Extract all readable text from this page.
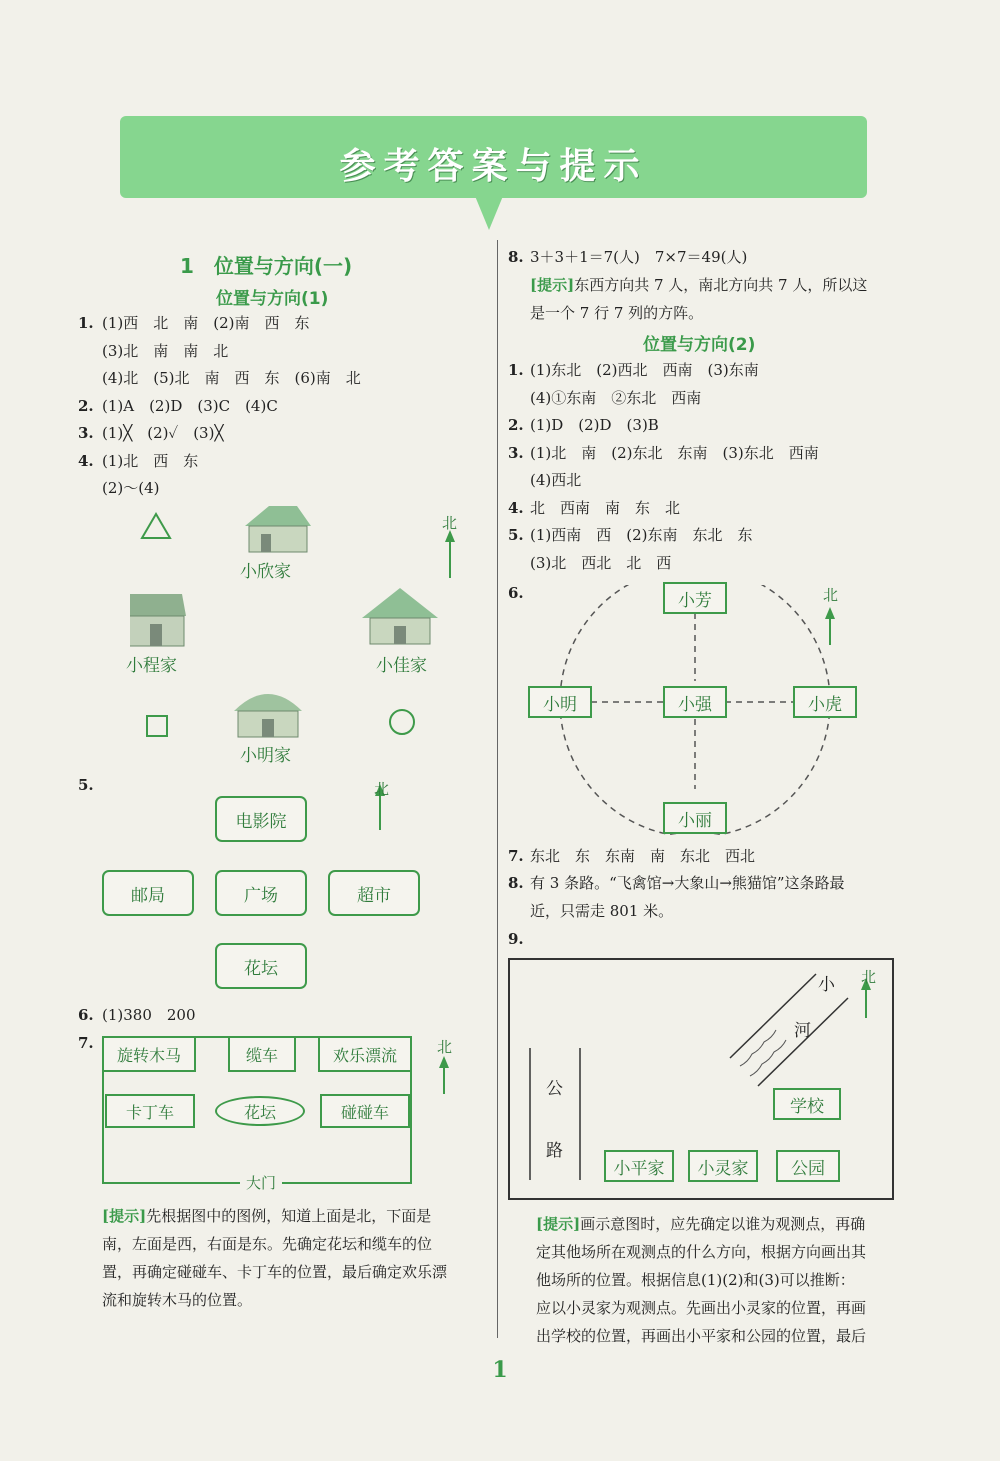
参考答案与提示
1　位置与方向(一)
位置与方向(1)
1. (1)西　北　南　(2)南　西　东
(3)北　南　南　北
(4)北　(5)北　南　西　东　(6)南　北
2. (1)A　(2)D　(3)C　(4)C
3. (1)╳　(2)✓　(3)╳
4. (1)北　西　东
(2)～(4)
北
小欣家
小程家	小佳家
小明家
5.	北
电影院
邮局	广场	超市
花坛
6. (1)380　200
7.
旋转木马	缆车	欢乐漂流
卡丁车	花坛	碰碰车
大门
北
[提示]先根据图中的图例，知道上面是北，下面是
南，左面是西，右面是东。先确定花坛和缆车的位
置，再确定碰碰车、卡丁车的位置，最后确定欢乐漂
流和旋转木马的位置。
8. 3＋3＋1＝7(人)　7×7＝49(人)
[提示]东西方向共 7 人，南北方向共 7 人，所以这
是一个 7 行 7 列的方阵。
位置与方向(2)
1. (1)东北　(2)西北　西南　(3)东南
(4)①东南　②东北　西南
2. (1)D　(2)D　(3)B
3. (1)北　南　(2)东北　东南　(3)东北　西南
(4)西北
4. 北　西南　南　东　北
5. (1)西南　西　(2)东南　东北　东
(3)北　西北　北　西
6.	北
小芳
小明	小强	小虎
小丽
7. 东北　东　东南　南　东北　西北
8. 有 3 条路。“飞禽馆→大象山→熊猫馆”这条路最
近，只需走 801 米。
9.
北
公
路
小
河
学校
小平家	小灵家	公园
[提示]画示意图时，应先确定以谁为观测点，再确
定其他场所在观测点的什么方向，根据方向画出其
他场所的位置。根据信息(1)(2)和(3)可以推断：
应以小灵家为观测点。先画出小灵家的位置，再画
出学校的位置，再画出小平家和公园的位置，最后
1
